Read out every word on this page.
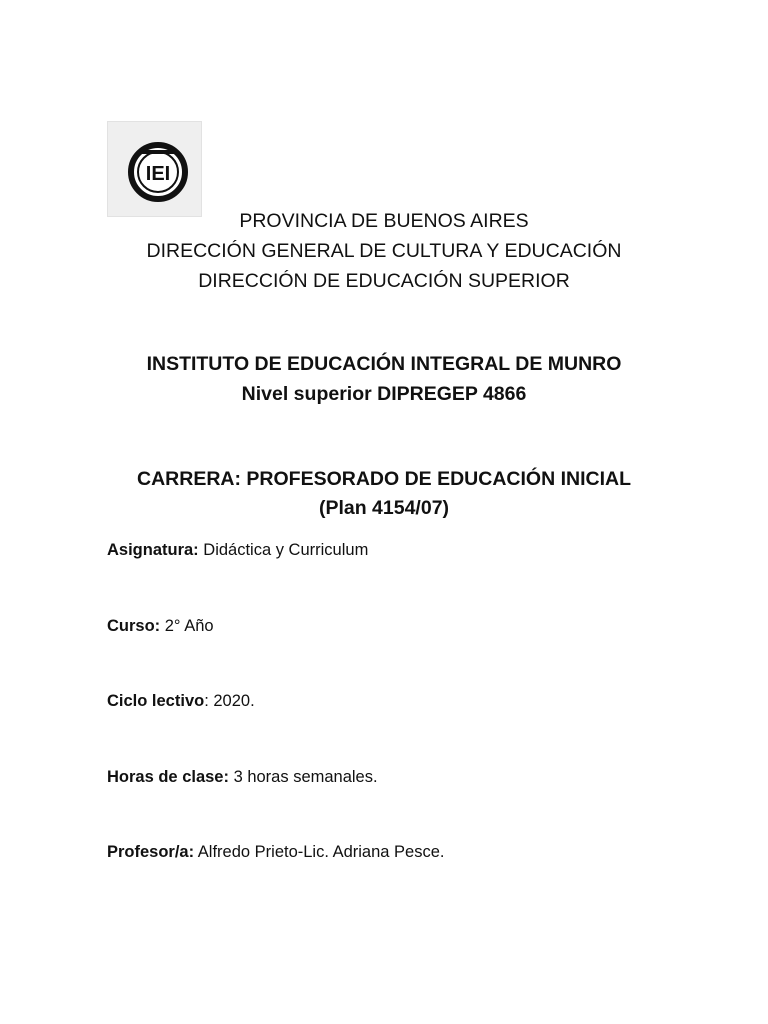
IEI
PROVINCIA DE BUENOS AIRES
DIRECCIÓN GENERAL DE CULTURA Y EDUCACIÓN
DIRECCIÓN DE EDUCACIÓN SUPERIOR
INSTITUTO DE EDUCACIÓN INTEGRAL DE MUNRO
Nivel superior DIPREGEP 4866
CARRERA: PROFESORADO DE EDUCACIÓN INICIAL
(Plan 4154/07)
Asignatura: Didáctica y Curriculum
Curso: 2° Año
Ciclo lectivo: 2020.
Horas de clase: 3 horas semanales.
Profesor/a: Alfredo Prieto-Lic. Adriana Pesce.
